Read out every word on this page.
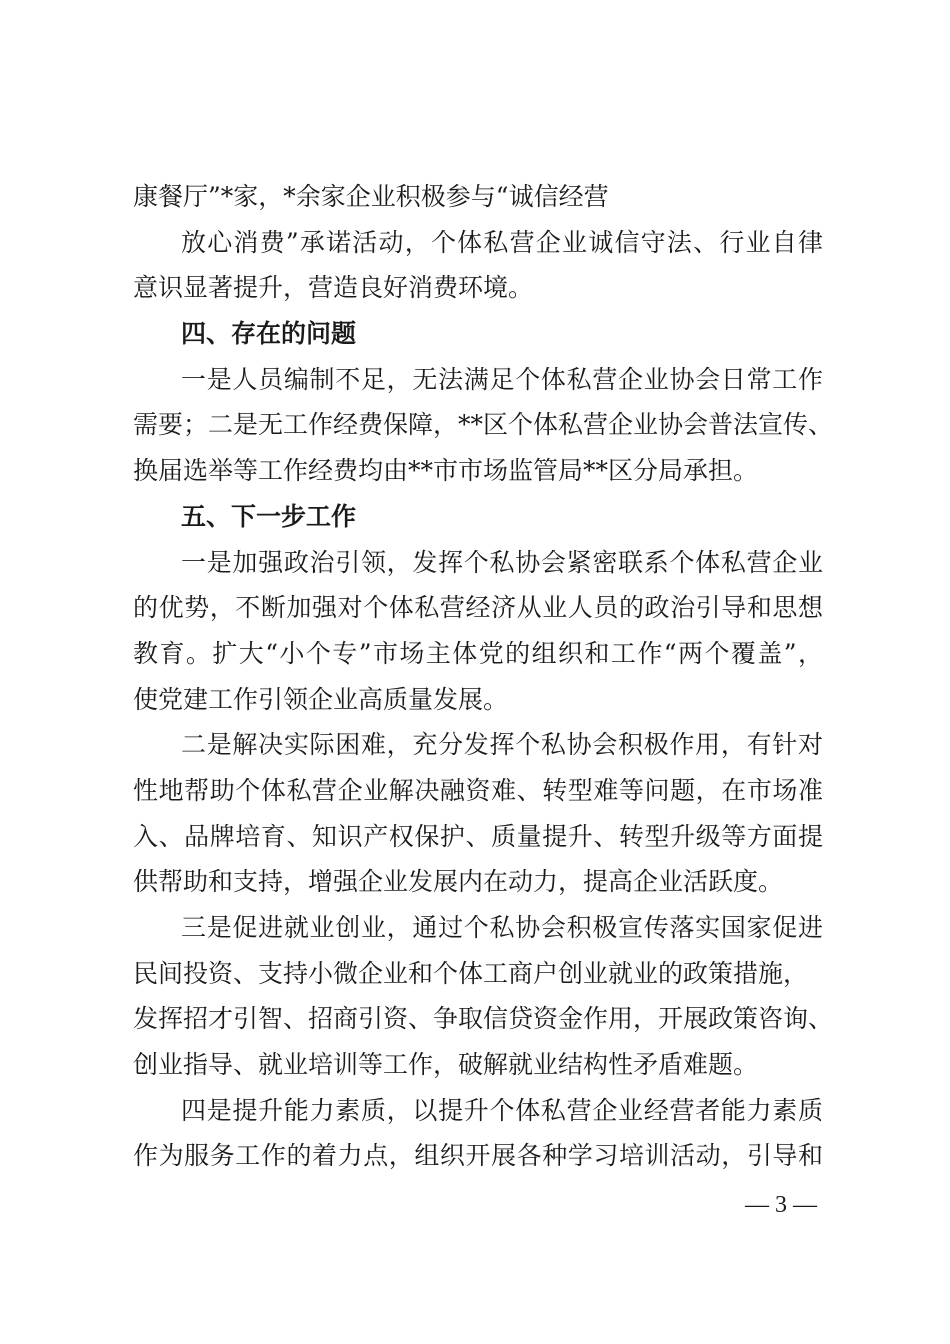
康餐厅”*家，*余家企业积极参与“诚信经营
放心消费”承诺活动，个体私营企业诚信守法、行业自律
意识显著提升，营造良好消费环境。
四、存在的问题
一是人员编制不足，无法满足个体私营企业协会日常工作
需要；二是无工作经费保障，**区个体私营企业协会普法宣传、
换届选举等工作经费均由**市市场监管局**区分局承担。
五、下一步工作
一是加强政治引领，发挥个私协会紧密联系个体私营企业
的优势，不断加强对个体私营经济从业人员的政治引导和思想
教育。扩大“小个专”市场主体党的组织和工作“两个覆盖”，
使党建工作引领企业高质量发展。
二是解决实际困难，充分发挥个私协会积极作用，有针对
性地帮助个体私营企业解决融资难、转型难等问题，在市场准
入、品牌培育、知识产权保护、质量提升、转型升级等方面提
供帮助和支持，增强企业发展内在动力，提高企业活跃度。
三是促进就业创业，通过个私协会积极宣传落实国家促进
民间投资、支持小微企业和个体工商户创业就业的政策措施，
发挥招才引智、招商引资、争取信贷资金作用，开展政策咨询、
创业指导、就业培训等工作，破解就业结构性矛盾难题。
四是提升能力素质，以提升个体私营企业经营者能力素质
作为服务工作的着力点，组织开展各种学习培训活动，引导和
— 3 —
